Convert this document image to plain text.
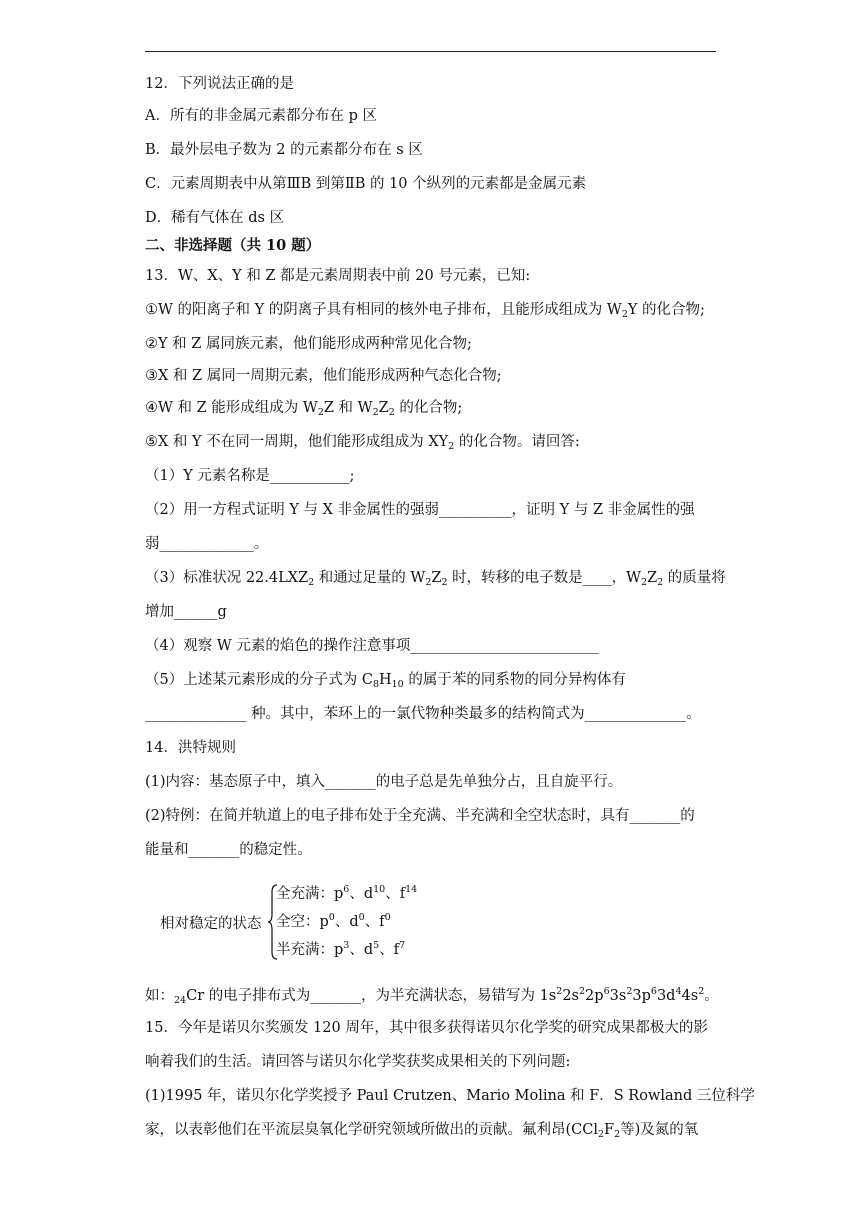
12．下列说法正确的是
A．所有的非金属元素都分布在 p 区
B．最外层电子数为 2 的元素都分布在 s 区
C．元素周期表中从第ⅢB 到第ⅡB 的 10 个纵列的元素都是金属元素
D．稀有气体在 ds 区
二、非选择题（共 10 题）
13．W、X、Y 和 Z 都是元素周期表中前 20 号元素，已知:
①W 的阳离子和 Y 的阴离子具有相同的核外电子排布，且能形成组成为 $W_2Y$ 的化合物;
②Y 和 Z 属同族元素，他们能形成两种常见化合物;
③X 和 Z 属同一周期元素，他们能形成两种气态化合物;
④W 和 Z 能形成组成为 $W_2Z$ 和 $W_2Z_2$ 的化合物;
⑤X 和 Y 不在同一周期，他们能形成组成为 $XY_2$ 的化合物。请回答:
（1）Y 元素名称是___________;
（2）用一方程式证明 Y 与 X 非金属性的强弱__________，证明 Y 与 Z 非金属性的强
弱_____________。
（3）标准状况 $22.4LXZ_2$ 和通过足量的 $W_2Z_2$ 时，转移的电子数是____，$W_2Z_2$ 的质量将
增加______g
（4）观察 W 元素的焰色的操作注意事项__________________________
（5）上述某元素形成的分子式为 $C_8H_{10}$ 的属于苯的同系物的同分异构体有
______________ 种。其中，苯环上的一氯代物种类最多的结构简式为______________。
14．洪特规则
(1)内容：基态原子中，填入_______的电子总是先单独分占，且自旋平行。
(2)特例：在简并轨道上的电子排布处于全充满、半充满和全空状态时，具有_______的
能量和_______的稳定性。
相对稳定的状态
全充满：$p^6$、$d^{10}$、$f^{14}$
全空：$p^0$、$d^0$、$f^0$
半充满：$p^3$、$d^5$、$f^7$
如：$_{24}$Cr 的电子排布式为_______，为半充满状态，易错写为 $1s^22s^22p^63s^23p^63d^44s^2$。
15．今年是诺贝尔奖颁发 120 周年，其中很多获得诺贝尔化学奖的研究成果都极大的影
响着我们的生活。请回答与诺贝尔化学奖获奖成果相关的下列问题:
(1)1995 年，诺贝尔化学奖授予 Paul Crutzen、Mario Molina 和 F．S Rowland 三位科学
家，以表彰他们在平流层臭氧化学研究领域所做出的贡献。氟利昂($CCl_2F_2$等)及氮的氧
